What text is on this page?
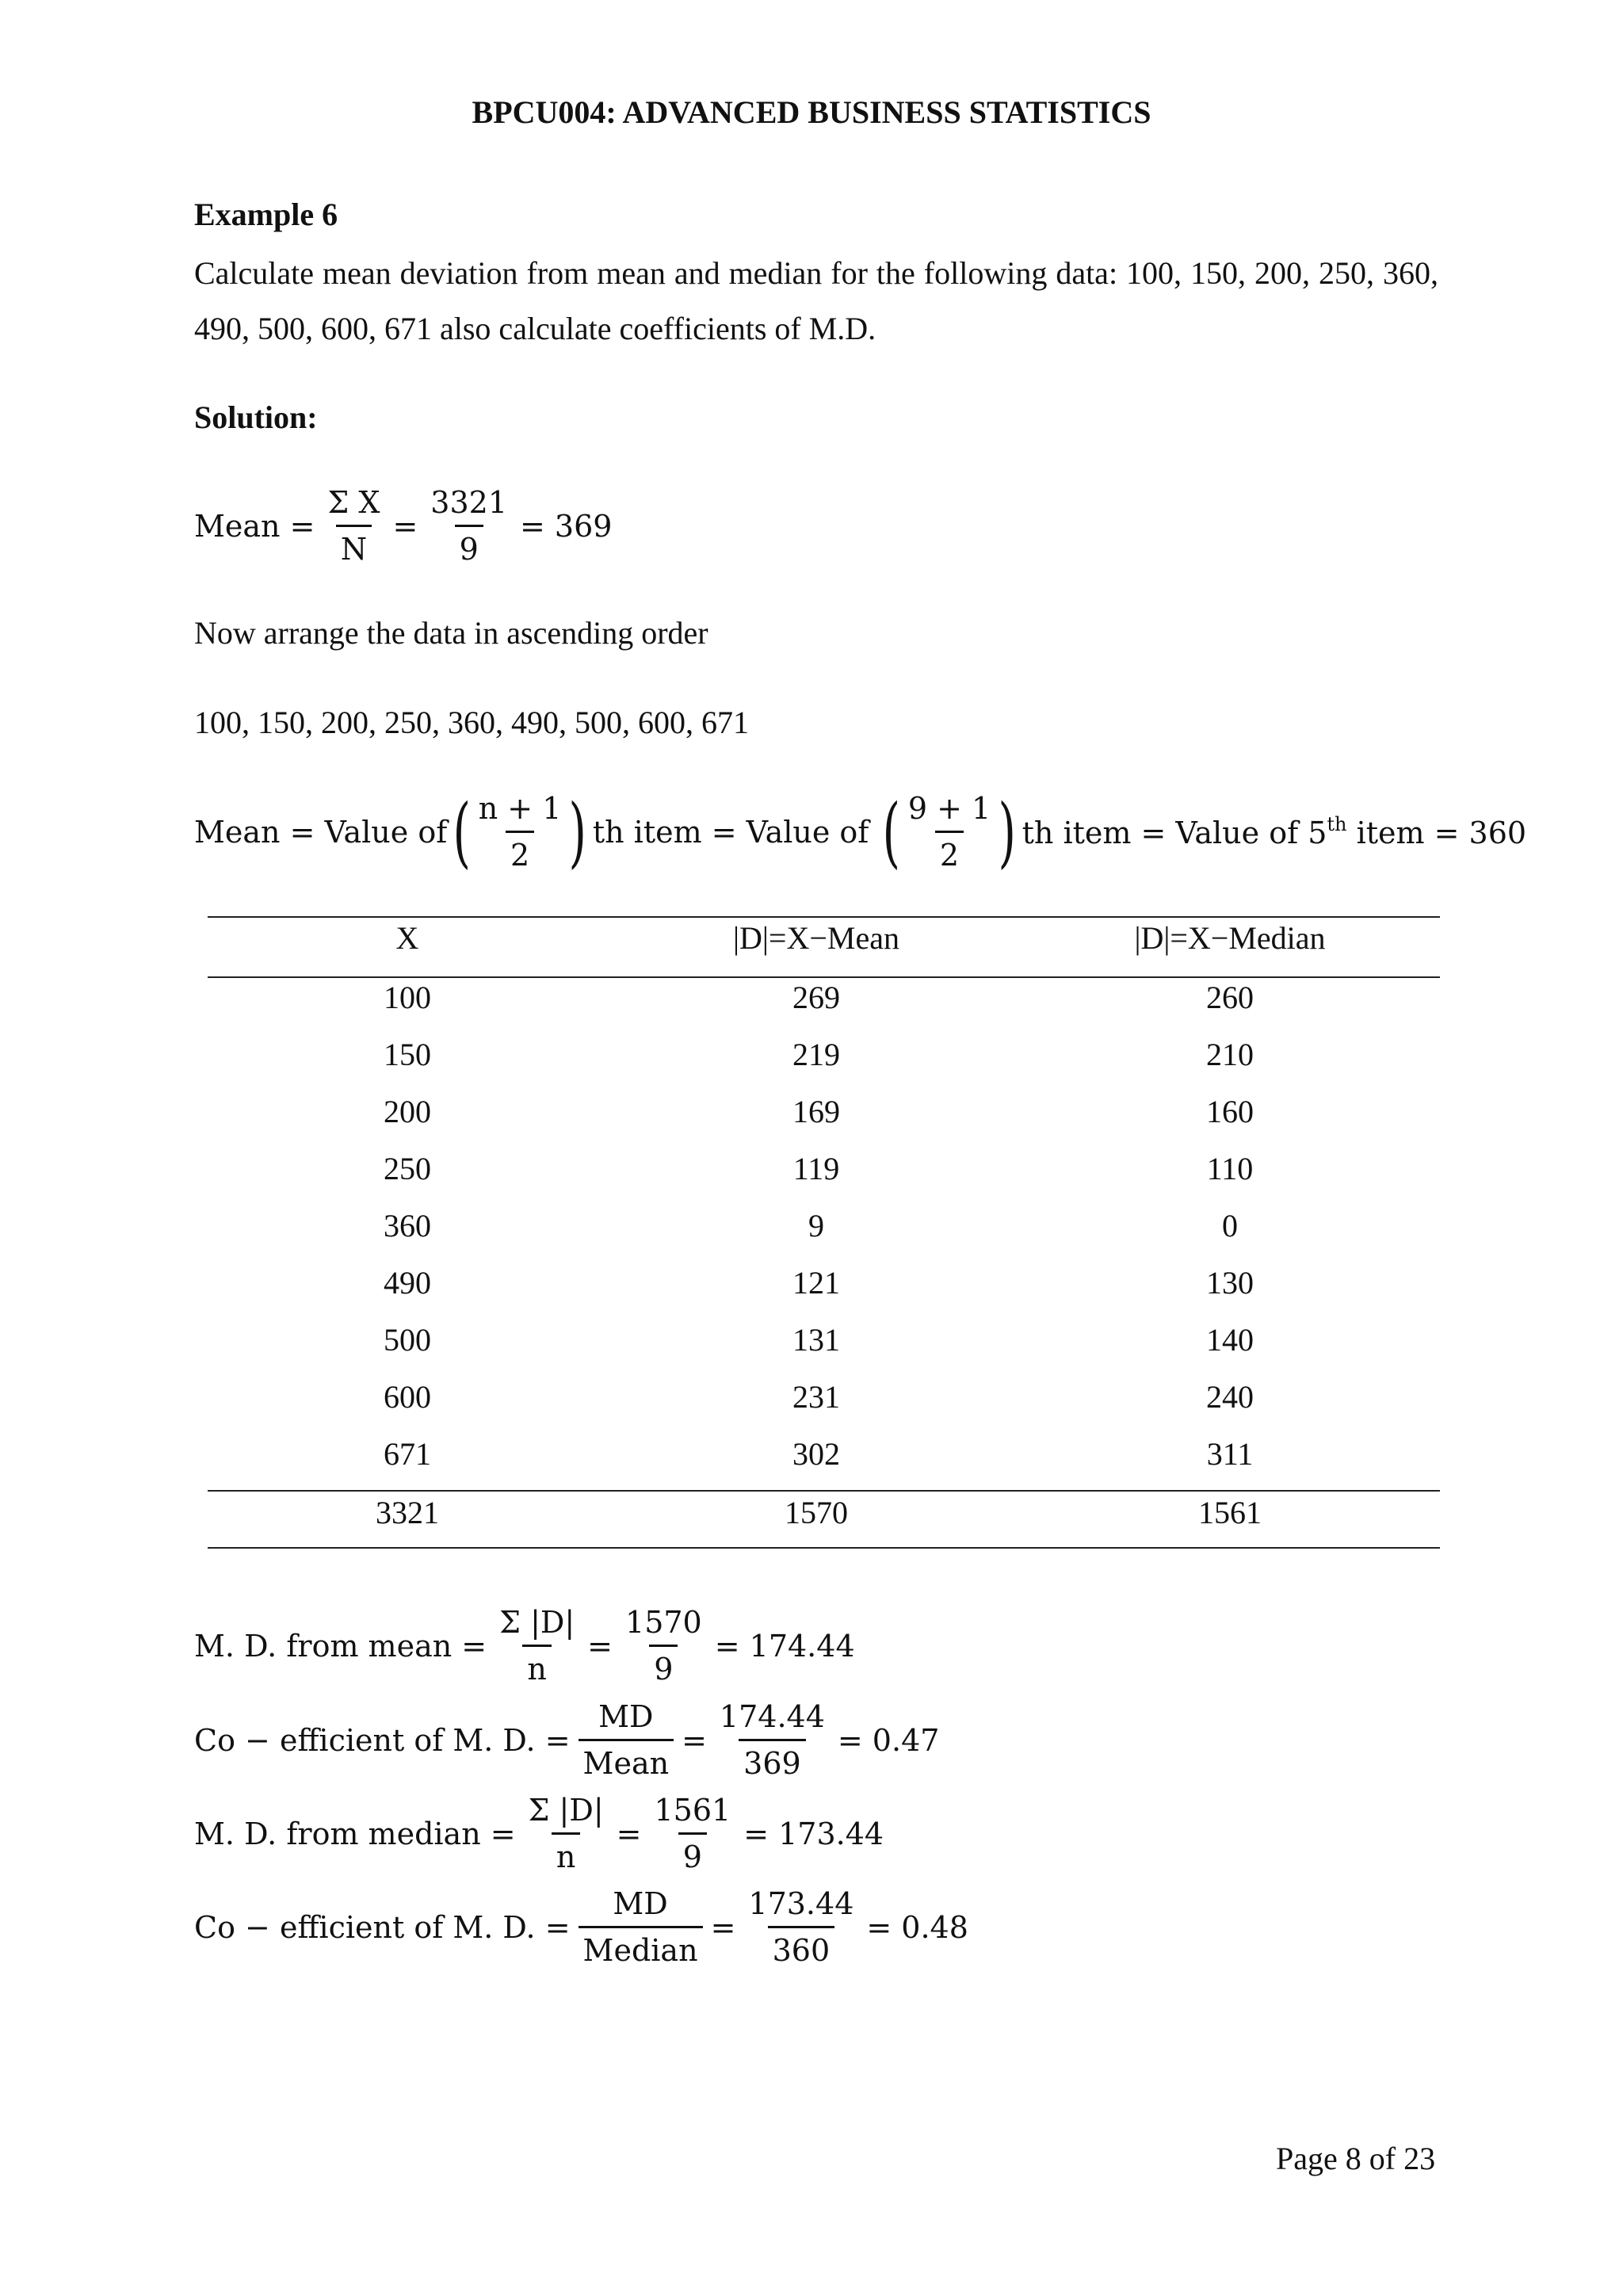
BPCU004: ADVANCED BUSINESS STATISTICS
Example 6
Calculate mean deviation from mean and median for the following data: 100, 150, 200, 250, 360, 490, 500, 600, 671 also calculate coefficients of M.D.
Solution:
Mean = $\frac{\text{Σ X}}{N} = \frac{3321}{9} = 369$
Now arrange the data in ascending order
100, 150, 200, 250, 360, 490, 500, 600, 671
Mean = Value of ( $\frac{n + 1}{2}$ ) th item = Value of ( $\frac{9 + 1}{2}$ ) th item = Value of 5th item = 360
X	|D|=X−Mean	|D|=X−Median
100	269	260
150	219	210
200	169	160
250	119	110
360	9	0
490	121	130
500	131	140
600	231	240
671	302	311
3321	1570	1561
M. D. from mean = $\frac{\Sigma |D|}{n} = \frac{1570}{9} = 174.44$
Co − efficient of M. D. = $\frac{MD}{\text{Mean}} = \frac{174.44}{369} = 0.47$
M. D. from median = $\frac{\Sigma |D|}{n} = \frac{1561}{9} = 173.44$
Co − efficient of M. D. = $\frac{MD}{\text{Median}} = \frac{173.44}{360} = 0.48$
Page 8 of 23
